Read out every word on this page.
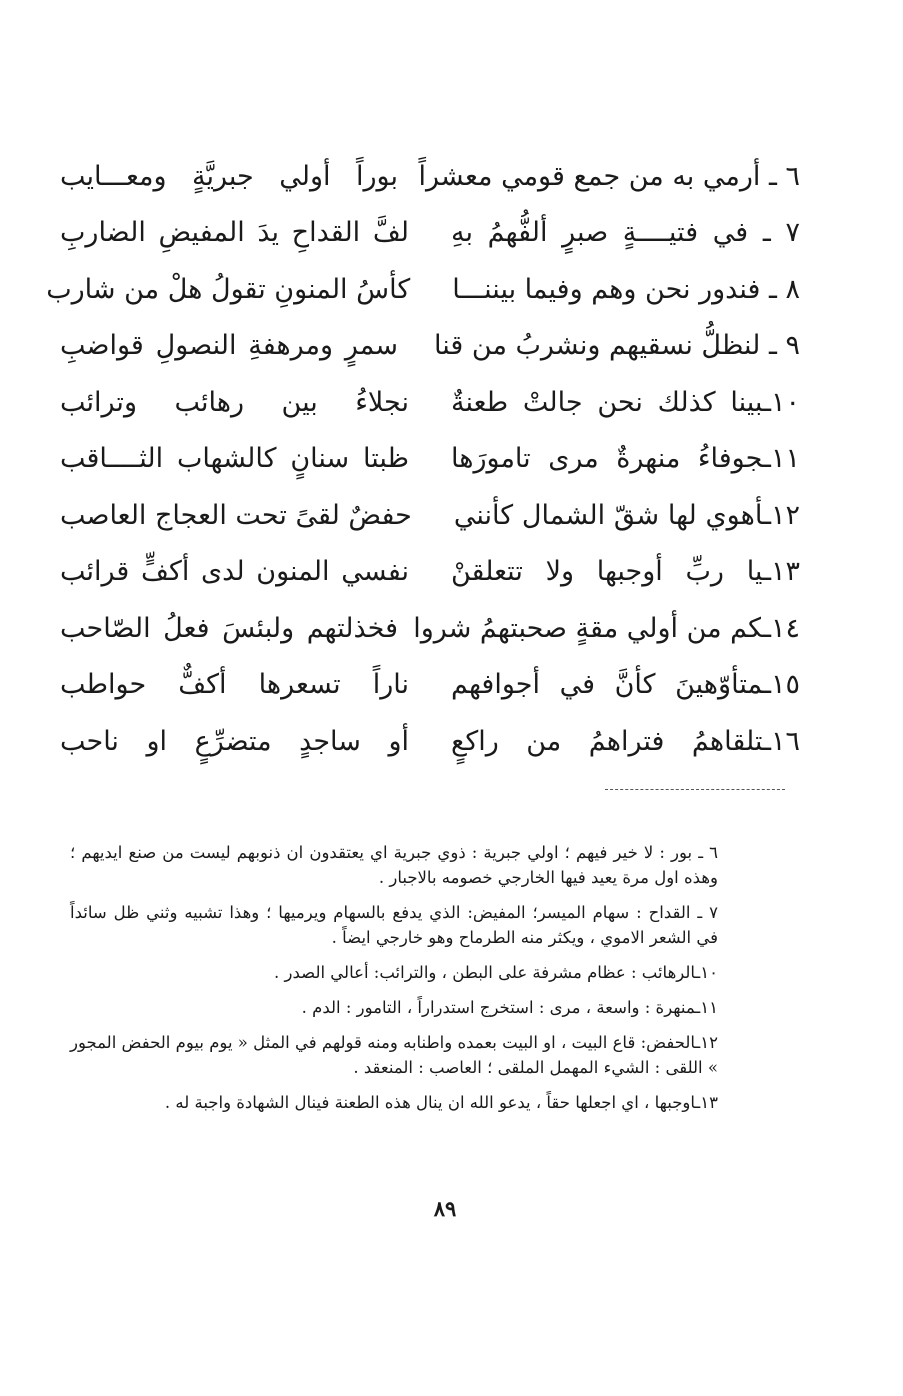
٦ ـ أرمي به من جمع قومي معشراً
بوراً أولي جبريَّةٍ ومعـــايب
٧ ـ في فتيــــةٍ صبرٍ ألفُّهمُ بهِ
لفَّ القداحِ يدَ المفيضِ الضاربِ
٨ ـ فندور نحن وهم وفيما بيننـــا
كأسُ المنونِ تقولُ هلْ من شارب
٩ ـ لنظلُّ نسقيهم ونشربُ من قنا
سمرٍ ومرهفةِ النصولِ قواضبِ
١٠ـبينا كذلك نحن جالتْ طعنةٌ
نجلاءُ بين رهائب وترائب
١١ـجوفاءُ منهرةٌ مرى تامورَها
ظبتا سنانٍ كالشهاب الثــــاقب
١٢ـأهوي لها شقّ الشمال كأنني
حفضٌ لقىً تحت العجاج العاصب
١٣ـيا ربِّ أوجبها ولا تتعلقنْ
نفسي المنون لدى أكفٍّ قرائب
١٤ـكم من أولي مقةٍ صحبتهمُ شروا
فخذلتهم ولبئسَ فعلُ الصّاحب
١٥ـمتأوّهينَ كأنَّ في أجوافهم
ناراً تسعرها أكفٌّ حواطب
١٦ـتلقاهمُ فتراهمُ من راكعٍ
أو ساجدٍ متضرِّعٍ او ناحب

٦ ـ بور : لا خير فيهم ؛ اولي جبرية : ذوي جبرية اي يعتقدون ان ذنوبهم ليست من صنع ايديهم ؛ وهذه اول مرة يعيد فيها الخارجي خصومه بالاجبار .

٧ ـ القداح : سهام الميسر؛ المفيض: الذي يدفع بالسهام ويرميها ؛ وهذا تشبيه وثني ظل سائداً في الشعر الاموي ، ويكثر منه الطرماح وهو خارجي ايضاً .

١٠ـالرهائب : عظام مشرفة على البطن ، والترائب: أعالي الصدر .

١١ـمنهرة : واسعة ، مرى : استخرج استدراراً ، التامور : الدم .

١٢ـالحفض: قاع البيت ، او البيت بعمده واطنابه ومنه قولهم في المثل « يوم بيوم الحفض المجور » اللقى : الشيء المهمل الملقى ؛ العاصب : المنعقد .

١٣ـاوجبها ، اي اجعلها حقاً ، يدعو الله ان ينال هذه الطعنة فينال الشهادة واجبة له .

٨٩
